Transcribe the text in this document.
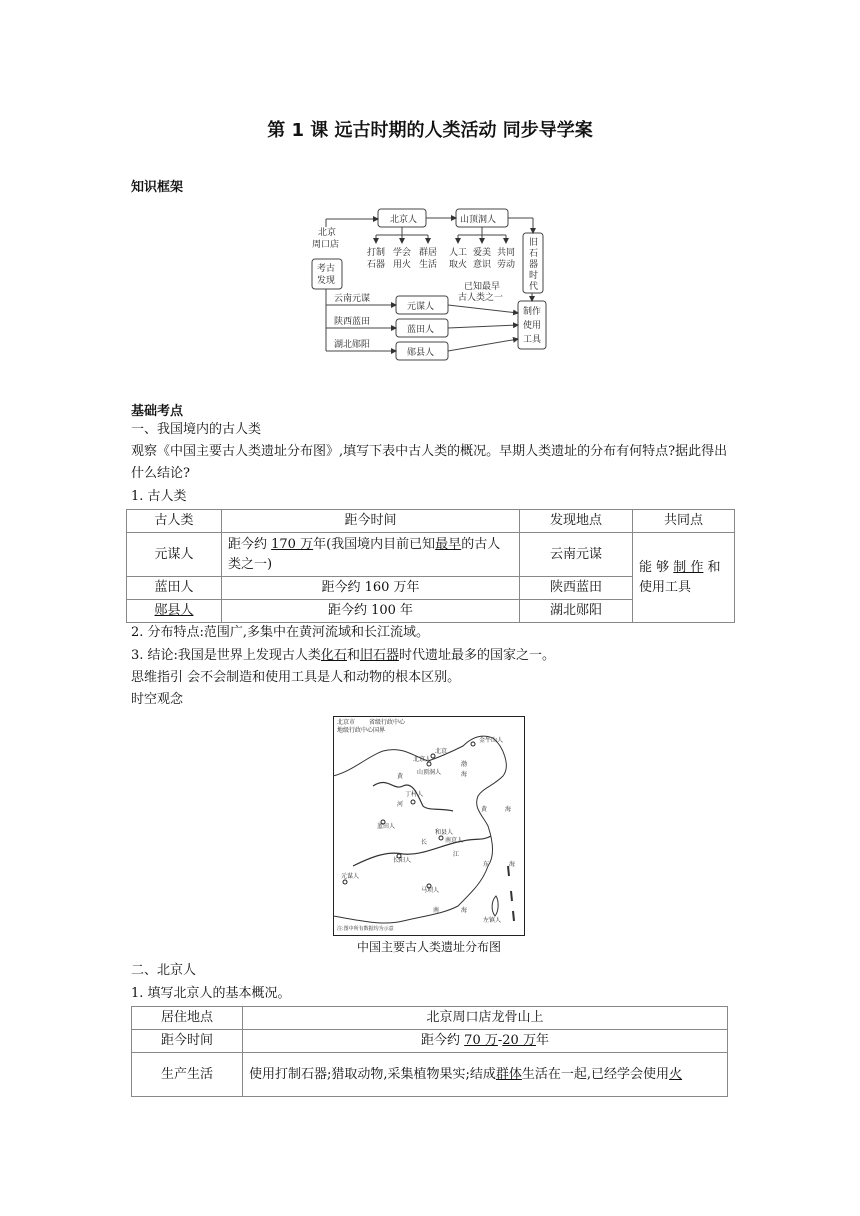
第 1 课 远古时期的人类活动 同步导学案
知识框架
北京
周口店
考古
发现
北京人	山顶洞人
打制
石器
学会
用火
群居
生活
人工
取火
爱美
意识
共同
劳动
旧
石
器
时
代
已知最早
古人类之一
云南元谋
陕西蓝田
湖北郧阳
元谋人
蓝田人
郧县人
制作
使用
工具
基础考点
一、我国境内的古人类
观察《中国主要古人类遗址分布图》,填写下表中古人类的概况。早期人类遗址的分布有何特点?据此得出什么结论?
1. 古人类
古人类	距今时间	发现地点	共同点
元谋人	距今约 170 万年(我国境内目前已知最早的古人类之一)	云南元谋	能 够 制 作 和使用工具
蓝田人	距今约 160 万年	陕西蓝田	
郧县人	距今约 100 年	湖北郧阳	
2. 分布特点:范围广,多集中在黄河流域和长江流域。
3. 结论:我国是世界上发现古人类化石和旧石器时代遗址最多的国家之一。
思维指引 会不会制造和使用工具是人和动物的根本区别。
时空观念
北京市 省级行政中心
地级行政中心 国界
金牛山人
北京
北京人
山顶洞人
渤
海
黄
河
丁村人
黄	海
蓝田人
和县人
南京人
长
江
长阳人
东	海
元谋人
马坝人
南	海
左镇人
注:图中所有数据均为示意
中国主要古人类遗址分布图
二、北京人
1. 填写北京人的基本概况。
居住地点	北京周口店龙骨山上
距今时间	距今约 70 万-20 万年
生产生活	使用打制石器;猎取动物,采集植物果实;结成群体生活在一起,已经学会使用火
